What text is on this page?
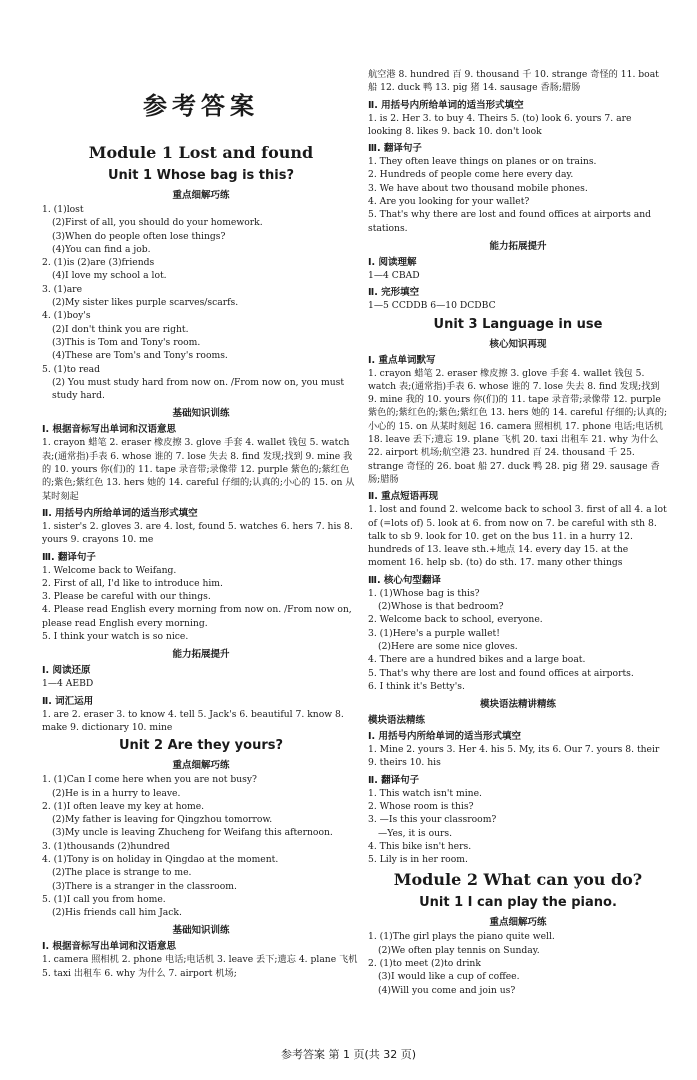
参考答案
Module 1 Lost and found
Unit 1 Whose bag is this?
重点细解巧练
1. (1)lost
(2)First of all, you should do your homework.
(3)When do people often lose things?
(4)You can find a job.
2. (1)is (2)are (3)friends
(4)I love my school a lot.
3. (1)are
(2)My sister likes purple scarves/scarfs.
4. (1)boy's
(2)I don't think you are right.
(3)This is Tom and Tony's room.
(4)These are Tom's and Tony's rooms.
5. (1)to read
(2) You must study hard from now on. /From now on, you must study hard.
基础知识训练
Ⅰ. 根据音标写出单词和汉语意思
1. crayon 蜡笔 2. eraser 橡皮擦 3. glove 手套 4. wallet 钱包 5. watch 表;(通常指)手表 6. whose 谁的 7. lose 失去 8. find 发现;找到 9. mine 我的 10. yours 你(们)的 11. tape 录音带;录像带 12. purple 紫色的;紫红色的;紫色;紫红色 13. hers 她的 14. careful 仔细的;认真的;小心的 15. on 从某时刻起
Ⅱ. 用括号内所给单词的适当形式填空
1. sister's 2. gloves 3. are 4. lost, found 5. watches 6. hers 7. his 8. yours 9. crayons 10. me
Ⅲ. 翻译句子
1. Welcome back to Weifang.
2. First of all, I'd like to introduce him.
3. Please be careful with our things.
4. Please read English every morning from now on. /From now on, please read English every morning.
5. I think your watch is so nice.
能力拓展提升
Ⅰ. 阅读还原
1—4 AEBD
Ⅱ. 词汇运用
1. are 2. eraser 3. to know 4. tell 5. Jack's 6. beautiful 7. know 8. make 9. dictionary 10. mine
Unit 2 Are they yours?
重点细解巧练
1. (1)Can I come here when you are not busy?
(2)He is in a hurry to leave.
2. (1)I often leave my key at home.
(2)My father is leaving for Qingzhou tomorrow.
(3)My uncle is leaving Zhucheng for Weifang this afternoon.
3. (1)thousands (2)hundred
4. (1)Tony is on holiday in Qingdao at the moment.
(2)The place is strange to me.
(3)There is a stranger in the classroom.
5. (1)I call you from home.
(2)His friends call him Jack.
基础知识训练
Ⅰ. 根据音标写出单词和汉语意思
1. camera 照相机 2. phone 电话;电话机 3. leave 丢下;遗忘 4. plane 飞机 5. taxi 出租车 6. why 为什么 7. airport 机场;
航空港 8. hundred 百 9. thousand 千 10. strange 奇怪的 11. boat 船 12. duck 鸭 13. pig 猪 14. sausage 香肠;腊肠
Ⅱ. 用括号内所给单词的适当形式填空
1. is 2. Her 3. to buy 4. Theirs 5. (to) look 6. yours 7. are looking 8. likes 9. back 10. don't look
Ⅲ. 翻译句子
1. They often leave things on planes or on trains.
2. Hundreds of people come here every day.
3. We have about two thousand mobile phones.
4. Are you looking for your wallet?
5. That's why there are lost and found offices at airports and stations.
能力拓展提升
Ⅰ. 阅读理解
1—4 CBAD
Ⅱ. 完形填空
1—5 CCDDB 6—10 DCDBC
Unit 3 Language in use
核心知识再现
Ⅰ. 重点单词默写
1. crayon 蜡笔 2. eraser 橡皮擦 3. glove 手套 4. wallet 钱包 5. watch 表;(通常指)手表 6. whose 谁的 7. lose 失去 8. find 发现;找到 9. mine 我的 10. yours 你(们)的 11. tape 录音带;录像带 12. purple 紫色的;紫红色的;紫色;紫红色 13. hers 她的 14. careful 仔细的;认真的;小心的 15. on 从某时刻起 16. camera 照相机 17. phone 电话;电话机 18. leave 丢下;遗忘 19. plane 飞机 20. taxi 出租车 21. why 为什么 22. airport 机场;航空港 23. hundred 百 24. thousand 千 25. strange 奇怪的 26. boat 船 27. duck 鸭 28. pig 猪 29. sausage 香肠;腊肠
Ⅱ. 重点短语再现
1. lost and found 2. welcome back to school 3. first of all 4. a lot of (=lots of) 5. look at 6. from now on 7. be careful with sth 8. talk to sb 9. look for 10. get on the bus 11. in a hurry 12. hundreds of 13. leave sth.+地点 14. every day 15. at the moment 16. help sb. (to) do sth. 17. many other things
Ⅲ. 核心句型翻译
1. (1)Whose bag is this?
(2)Whose is that bedroom?
2. Welcome back to school, everyone.
3. (1)Here's a purple wallet!
(2)Here are some nice gloves.
4. There are a hundred bikes and a large boat.
5. That's why there are lost and found offices at airports.
6. I think it's Betty's.
模块语法精讲精练
模块语法精练
Ⅰ. 用括号内所给单词的适当形式填空
1. Mine 2. yours 3. Her 4. his 5. My, its 6. Our 7. yours 8. their 9. theirs 10. his
Ⅱ. 翻译句子
1. This watch isn't mine.
2. Whose room is this?
3. —Is this your classroom?
—Yes, it is ours.
4. This bike isn't hers.
5. Lily is in her room.
Module 2 What can you do?
Unit 1 I can play the piano.
重点细解巧练
1. (1)The girl plays the piano quite well.
(2)We often play tennis on Sunday.
2. (1)to meet (2)to drink
(3)I would like a cup of coffee.
(4)Will you come and join us?
参考答案 第 1 页(共 32 页)
